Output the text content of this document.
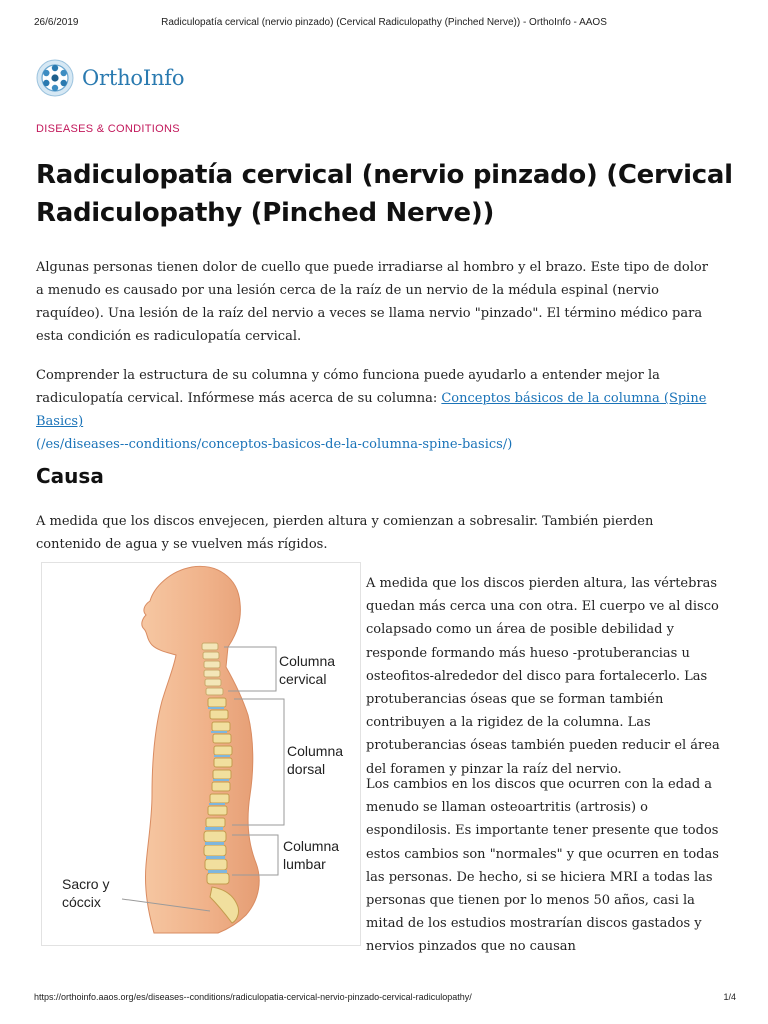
26/6/2019	Radiculopatía cervical (nervio pinzado) (Cervical Radiculopathy (Pinched Nerve)) - OrthoInfo - AAOS
OrthoInfo
DISEASES & CONDITIONS
Radiculopatía cervical (nervio pinzado) (Cervical Radiculopathy (Pinched Nerve))

Algunas personas tienen dolor de cuello que puede irradiarse al hombro y el brazo. Este tipo de dolor a menudo es causado por una lesión cerca de la raíz de un nervio de la médula espinal (nervio raquídeo). Una lesión de la raíz del nervio a veces se llama nervio "pinzado". El término médico para esta condición es radiculopatía cervical.

Comprender la estructura de su columna y cómo funciona puede ayudarlo a entender mejor la radiculopatía cervical. Infórmese más acerca de su columna: Conceptos básicos de la columna (Spine Basics)
(/es/diseases--conditions/conceptos-basicos-de-la-columna-spine-basics/)

Causa

A medida que los discos envejecen, pierden altura y comienzan a sobresalir. También pierden contenido de agua y se vuelven más rígidos.

Columna
cervical
Columna
dorsal
Columna
lumbar
Sacro y
cóccix

A medida que los discos pierden altura, las vértebras quedan más cerca una con otra. El cuerpo ve al disco colapsado como un área de posible debilidad y responde formando más hueso -protuberancias u osteofitos-alrededor del disco para fortalecerlo. Las protuberancias óseas que se forman también contribuyen a la rigidez de la columna. Las protuberancias óseas también pueden reducir el área del foramen y pinzar la raíz del nervio.

Los cambios en los discos que ocurren con la edad a menudo se llaman osteoartritis (artrosis) o espondilosis. Es importante tener presente que todos estos cambios son "normales" y que ocurren en todas las personas. De hecho, si se hiciera MRI a todas las personas que tienen por lo menos 50 años, casi la mitad de los estudios mostrarían discos gastados y nervios pinzados que no causan

https://orthoinfo.aaos.org/es/diseases--conditions/radiculopatia-cervical-nervio-pinzado-cervical-radiculopathy/	1/4
